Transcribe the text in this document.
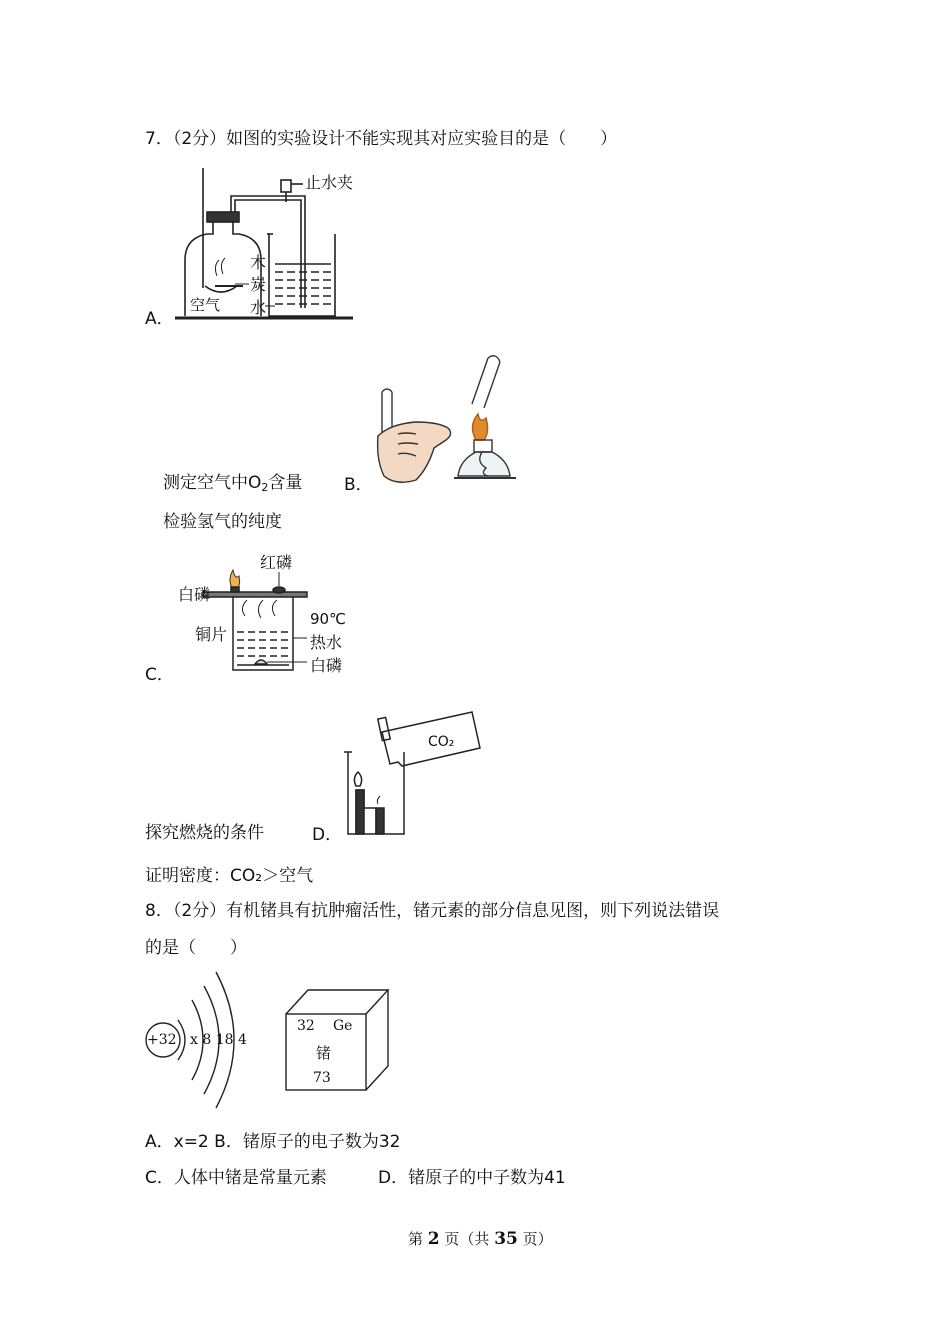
7．（2分）如图的实验设计不能实现其对应实验目的是（　　）
止水夹
木
炭
水
空气
A．
测定空气中$O_2$含量 B．
检验氢气的纯度
红磷
白磷
铜片
90℃
热水
白磷
C．
CO₂
探究燃烧的条件	D．
证明密度：CO₂＞空气
8．（2分）有机锗具有抗肿瘤活性，锗元素的部分信息见图，则下列说法错误
的是（　　）
+32 x 8 18 4
32 Ge
锗
73
A．x=2 B．锗原子的电子数为32
C．人体中锗是常量元素	D．锗原子的中子数为41
第 2 页（共 35 页）
